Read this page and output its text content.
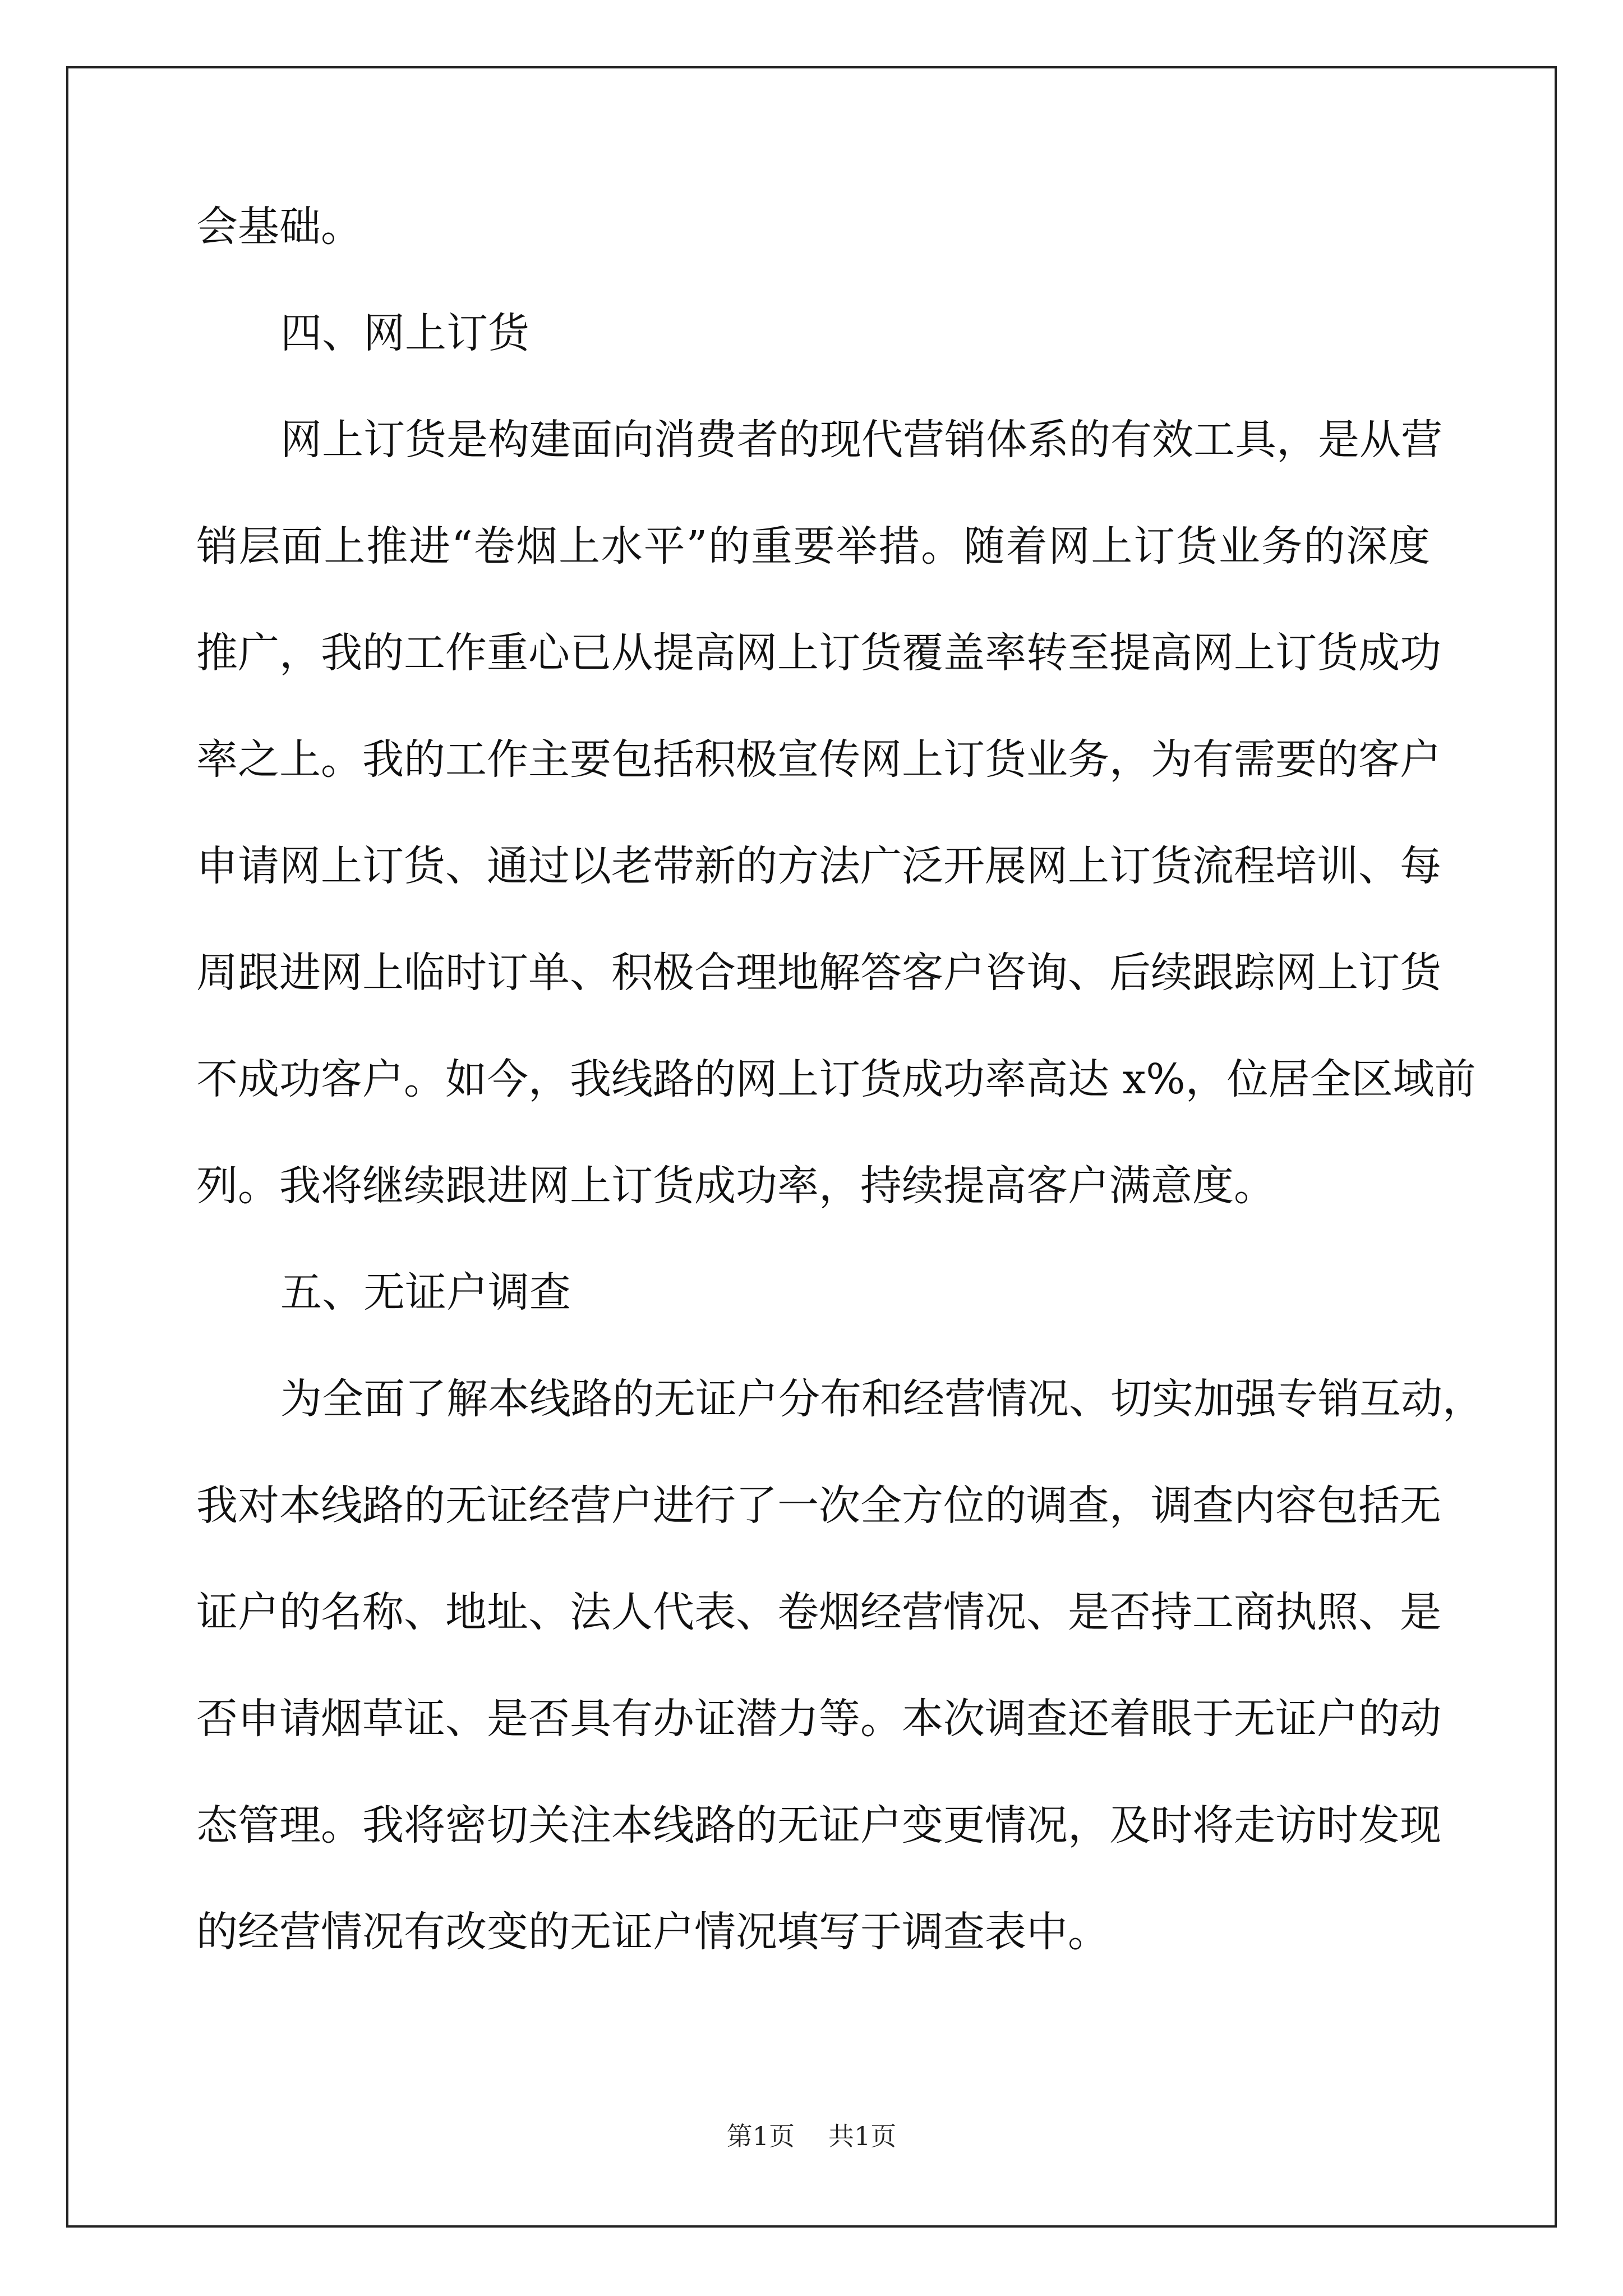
会基础。
四、网上订货
网上订货是构建面向消费者的现代营销体系的有效工具，是从营
销层面上推进“卷烟上水平”的重要举措。随着网上订货业务的深度
推广，我的工作重心已从提高网上订货覆盖率转至提高网上订货成功
率之上。我的工作主要包括积极宣传网上订货业务，为有需要的客户
申请网上订货、通过以老带新的方法广泛开展网上订货流程培训、每
周跟进网上临时订单、积极合理地解答客户咨询、后续跟踪网上订货
不成功客户。如今，我线路的网上订货成功率高达 x%，位居全区域前
列。我将继续跟进网上订货成功率，持续提高客户满意度。
五、无证户调查
为全面了解本线路的无证户分布和经营情况、切实加强专销互动，
我对本线路的无证经营户进行了一次全方位的调查，调查内容包括无
证户的名称、地址、法人代表、卷烟经营情况、是否持工商执照、是
否申请烟草证、是否具有办证潜力等。本次调查还着眼于无证户的动
态管理。我将密切关注本线路的无证户变更情况，及时将走访时发现
的经营情况有改变的无证户情况填写于调查表中。
第1页 共1页
